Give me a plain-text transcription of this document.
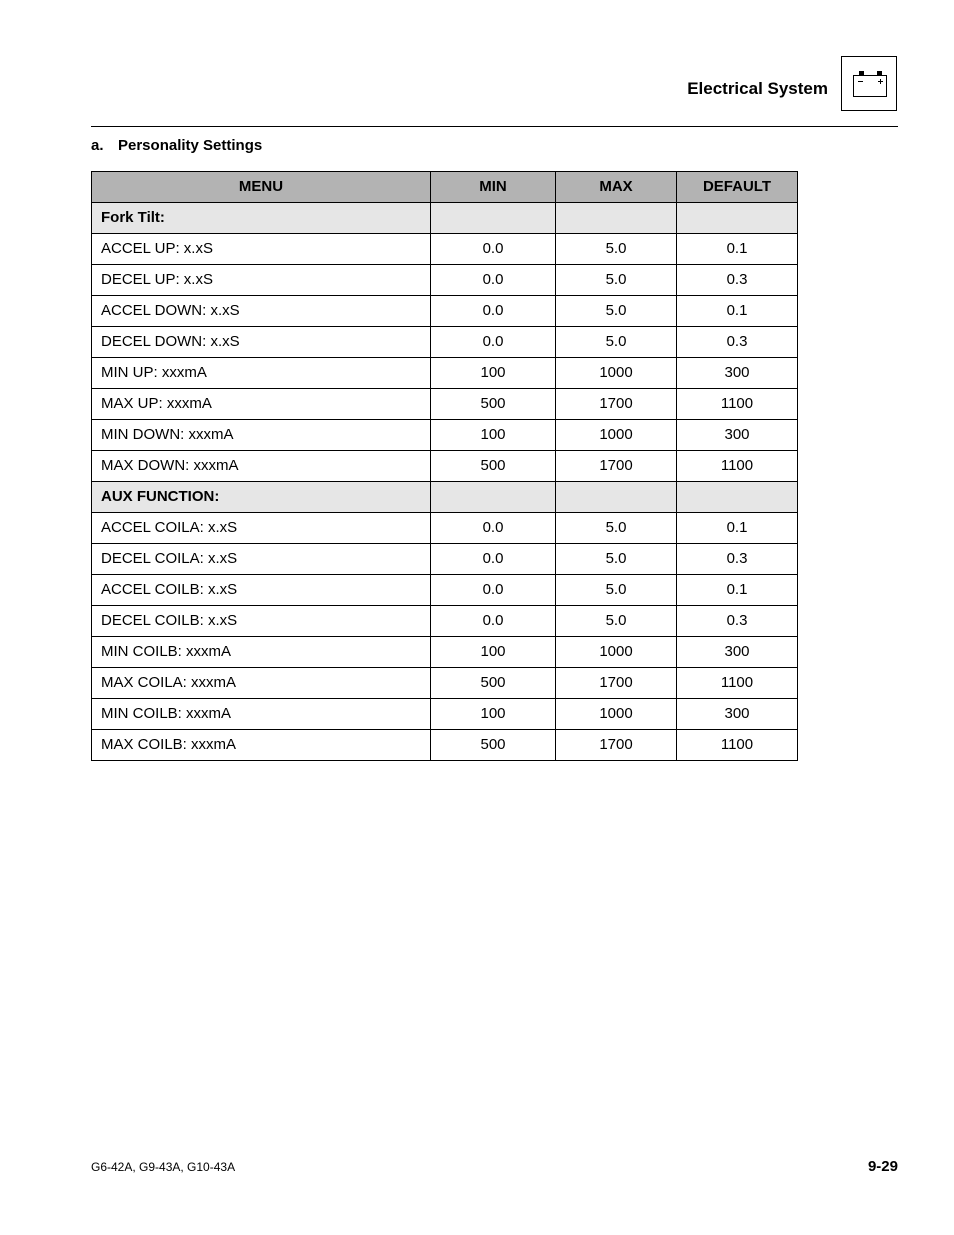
Electrical System
a. Personality Settings
MENU	MIN	MAX	DEFAULT
Fork Tilt:			
ACCEL UP: x.xS	0.0	5.0	0.1
DECEL UP: x.xS	0.0	5.0	0.3
ACCEL DOWN: x.xS	0.0	5.0	0.1
DECEL DOWN: x.xS	0.0	5.0	0.3
MIN UP: xxxmA	100	1000	300
MAX UP: xxxmA	500	1700	1100
MIN DOWN: xxxmA	100	1000	300
MAX DOWN: xxxmA	500	1700	1100
AUX FUNCTION:			
ACCEL COILA: x.xS	0.0	5.0	0.1
DECEL COILA: x.xS	0.0	5.0	0.3
ACCEL COILB: x.xS	0.0	5.0	0.1
DECEL COILB: x.xS	0.0	5.0	0.3
MIN COILB: xxxmA	100	1000	300
MAX COILA: xxxmA	500	1700	1100
MIN COILB: xxxmA	100	1000	300
MAX COILB: xxxmA	500	1700	1100
G6-42A, G9-43A, G10-43A	9-29
